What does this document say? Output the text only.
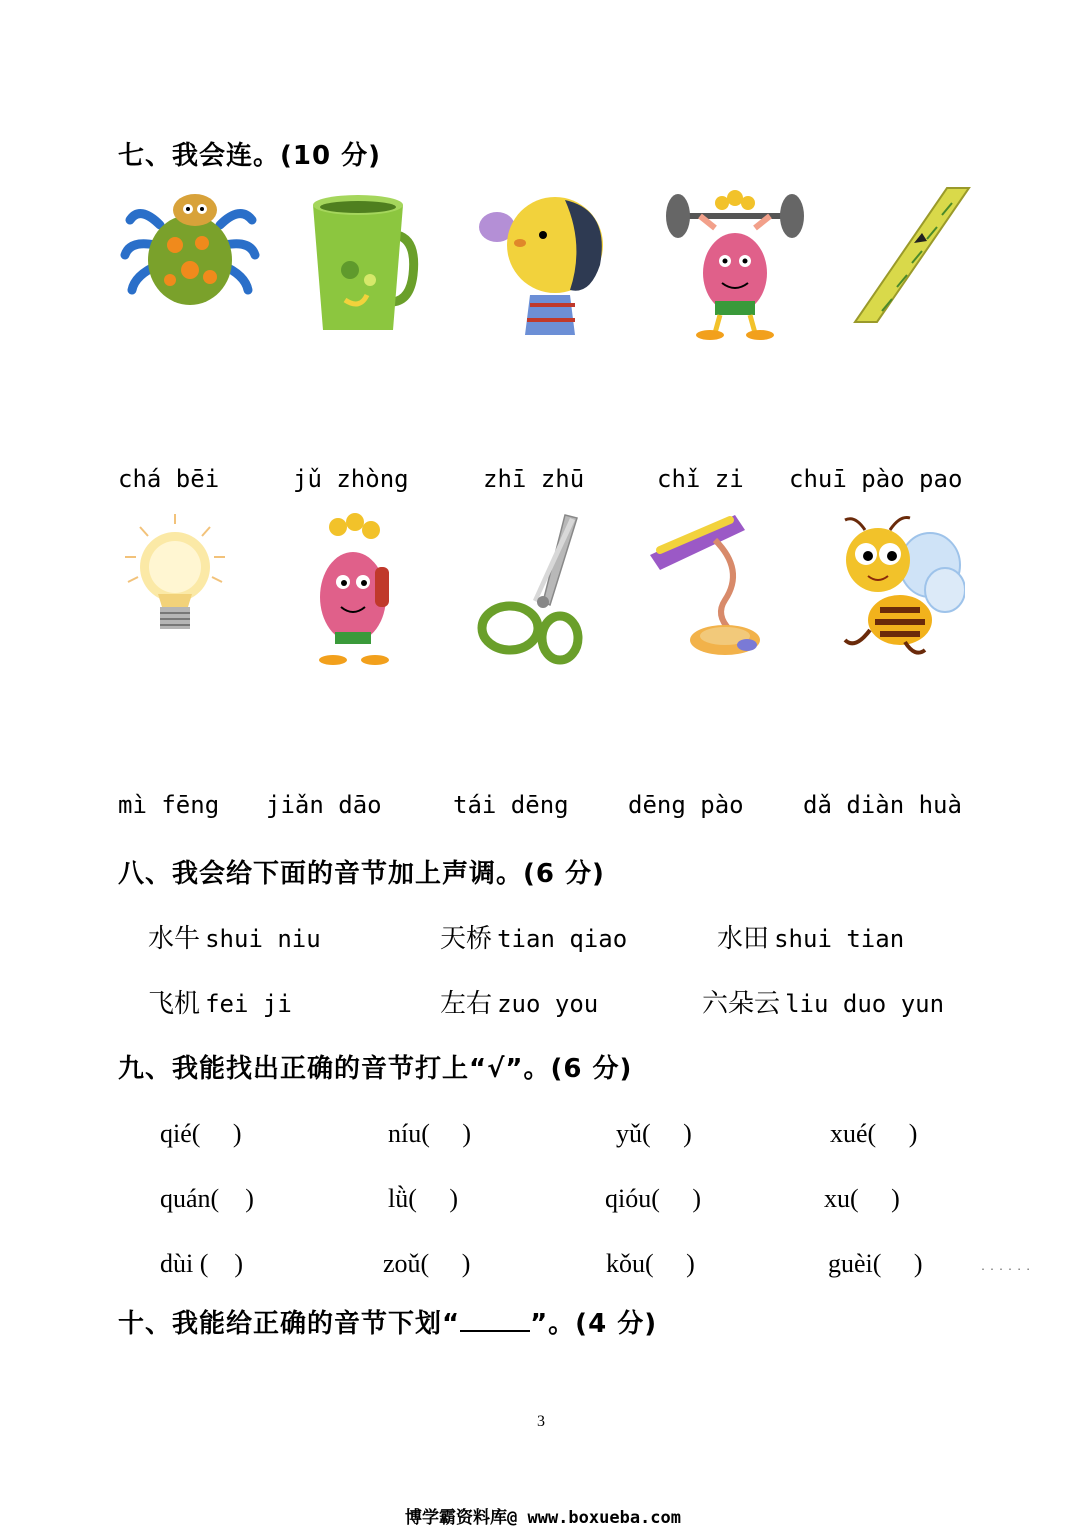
七、我会连。(10 分)
chá bēi	jǔ zhòng	zhī zhū	chǐ zi chuī pào pao
mì fēng jiǎn dāo	tái dēng dēng pào dǎ diàn huà
八、我会给下面的音节加上声调。(6 分)
水牛 shui niu	天桥 tian qiao	水田 shui tian
飞机 fei ji	左右 zuo you	六朵云 liu duo yun
九、我能找出正确的音节打上“√”。(6 分)
qié(　 )	níu(　 )	yǔ(　 )	xué(　 )
quán(　)	lǜ(　 )	qióu(　 )	xu(　 )
dùi (　)	zoǔ(　 )	kǒu(　 )	guèi(　 )	......
十、我能给正确的音节下划“	”。(4 分)
3
博学霸资料库@ www.boxueba.com
